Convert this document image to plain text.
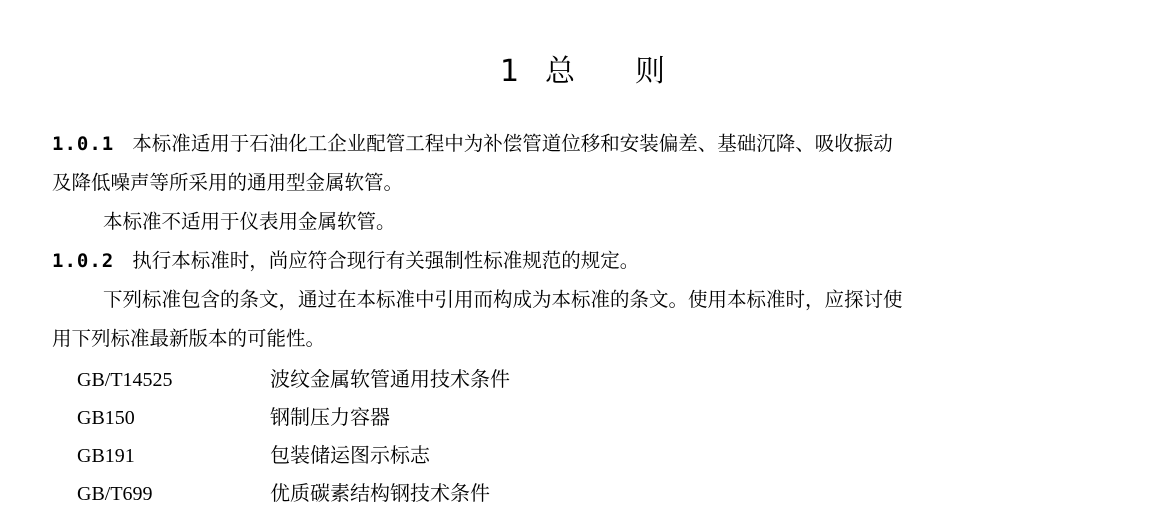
1 总 则
1.0.1 本标准适用于石油化工企业配管工程中为补偿管道位移和安装偏差、基础沉降、吸收振动
及降低噪声等所采用的通用型金属软管。
本标准不适用于仪表用金属软管。
1.0.2 执行本标准时，尚应符合现行有关强制性标准规范的规定。
下列标准包含的条文，通过在本标准中引用而构成为本标准的条文。使用本标准时，应探讨使
用下列标准最新版本的可能性。
GB/T14525	波纹金属软管通用技术条件
GB150	钢制压力容器
GB191	包装储运图示标志
GB/T699	优质碳素结构钢技术条件
